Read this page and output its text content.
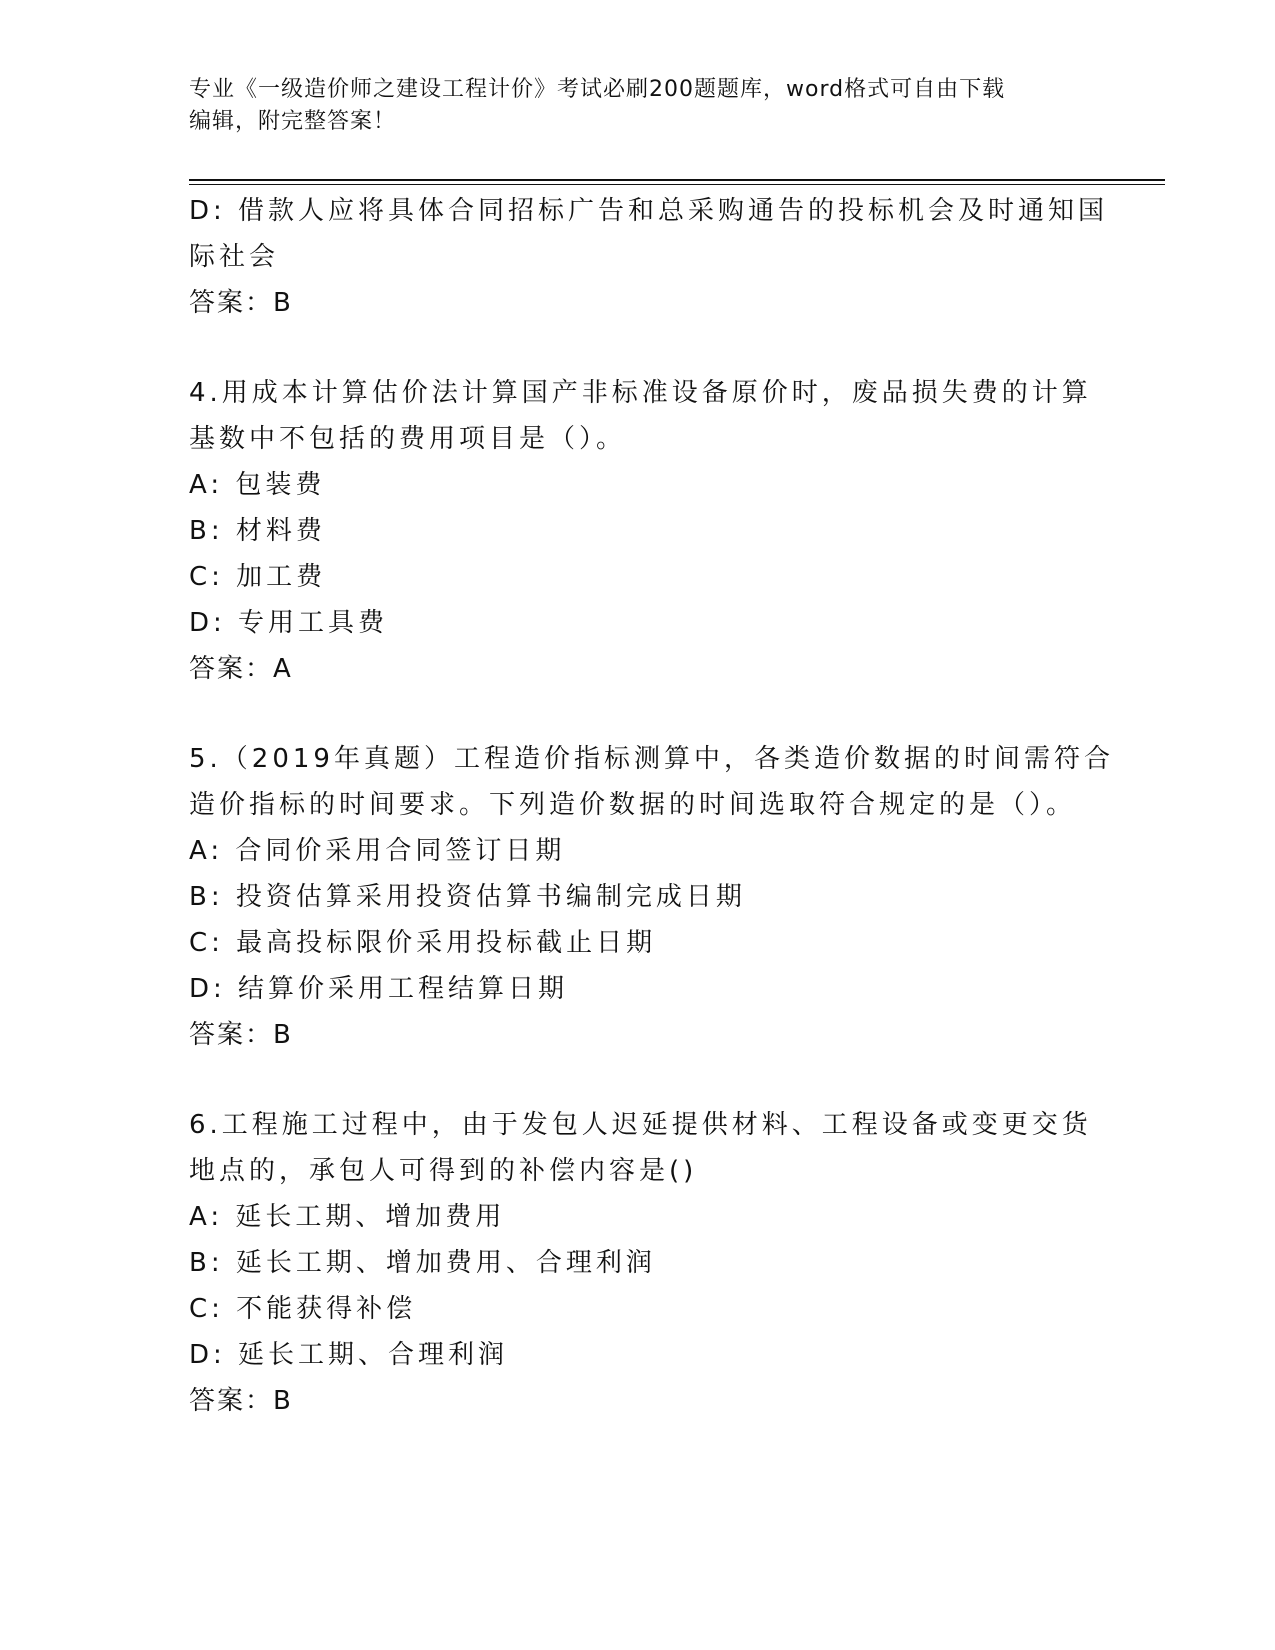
专业《一级造价师之建设工程计价》考试必刷200题题库，word格式可自由下载
编辑，附完整答案！
D: 借款人应将具体合同招标广告和总采购通告的投标机会及时通知国
际社会
答案：B
4.用成本计算估价法计算国产非标准设备原价时，废品损失费的计算
基数中不包括的费用项目是（）。
A: 包装费
B: 材料费
C: 加工费
D: 专用工具费
答案：A
5.（2019年真题）工程造价指标测算中，各类造价数据的时间需符合
造价指标的时间要求。下列造价数据的时间选取符合规定的是（）。
A: 合同价采用合同签订日期
B: 投资估算采用投资估算书编制完成日期
C: 最高投标限价采用投标截止日期
D: 结算价采用工程结算日期
答案：B
6.工程施工过程中，由于发包人迟延提供材料、工程设备或变更交货
地点的，承包人可得到的补偿内容是()
A: 延长工期、增加费用
B: 延长工期、增加费用、合理利润
C: 不能获得补偿
D: 延长工期、合理利润
答案：B
